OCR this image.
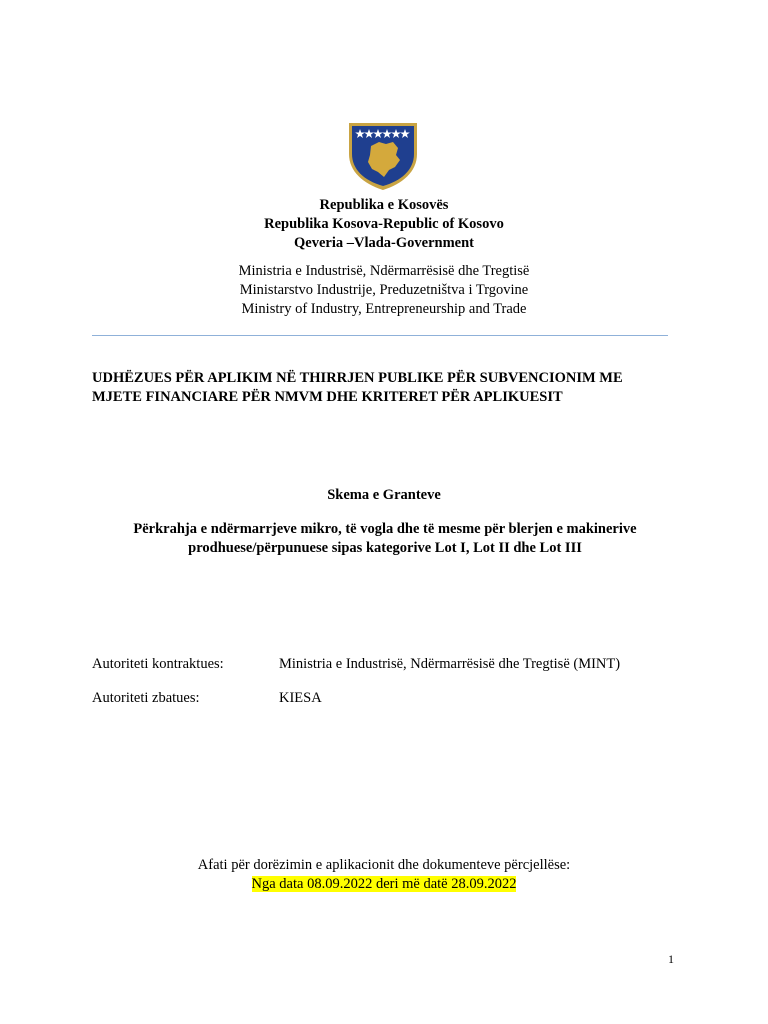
Republika e Kosovës
Republika Kosova-Republic of Kosovo
Qeveria –Vlada-Government
Ministria e Industrisë, Ndërmarrësisë dhe Tregtisë
Ministarstvo Industrije, Preduzetništva i Trgovine
Ministry of Industry, Entrepreneurship and Trade
UDHËZUES PËR APLIKIM NË THIRRJEN PUBLIKE PËR SUBVENCIONIM ME
MJETE FINANCIARE PËR NMVM DHE KRITERET PËR APLIKUESIT
Skema e Granteve
Përkrahja e ndërmarrjeve mikro, të vogla dhe të mesme për blerjen e makinerive
prodhuese/përpunuese sipas kategorive Lot I, Lot II dhe Lot III
Autoriteti kontraktues:	Ministria e Industrisë, Ndërmarrësisë dhe Tregtisë (MINT)
Autoriteti zbatues:	KIESA
Afati për dorëzimin e aplikacionit dhe dokumenteve përcjellëse:
Nga data 08.09.2022 deri më datë 28.09.2022
1
